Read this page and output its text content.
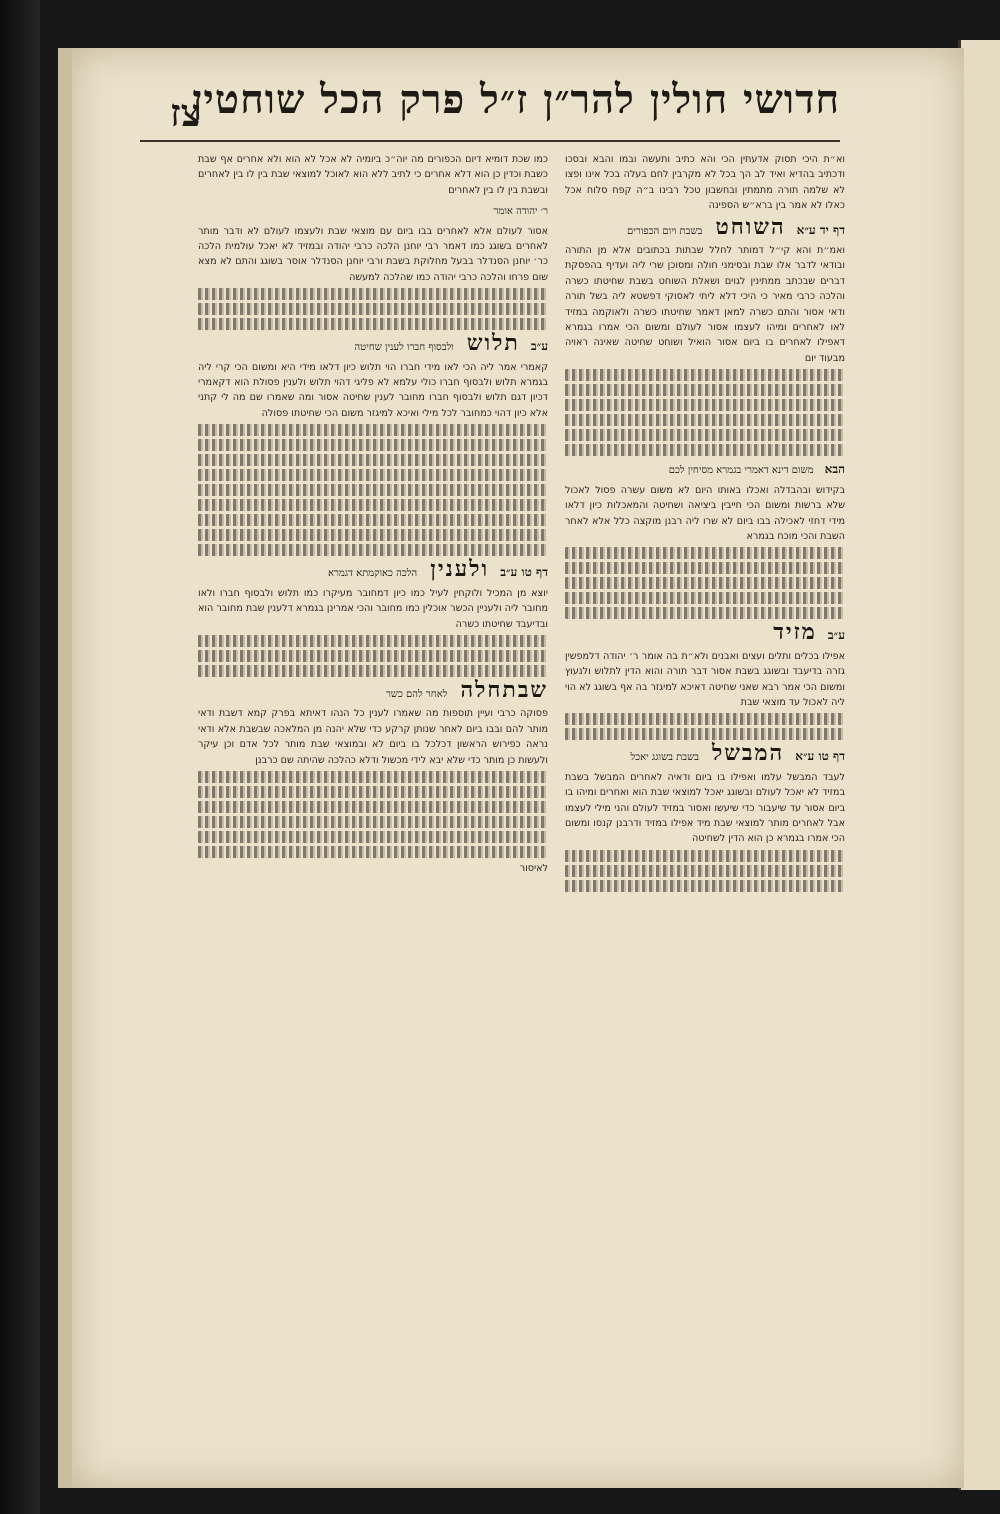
חדושי חולין להר״ן ז״ל פרק הכל שוחטין
צז

וא״ת היכי תסוק אדעתין הכי והא כתיב ותעשה ובמו והבא ובסכו ודכתיב בהדיא ואיד לב הך בכל לא מקרבין לחם בעלה בכל אינו ופצו לא שלמה תורה מתמתין ובחשבון טכל רבינו ב״ה קפח סלוח אכל כאלו לא אמר בין ברא״ש הספינה

דף יד ע״א השוחט בשבת ויום הכפורים

ואמ״ת והא קי״ל דמותר לחלל שבתות בכתובים אלא מן התורה ובודאי לדבר אלו שבת ובסימני חולה ומסוכן שרי ליה ועדיף בהפסקת דברים שבכתב ממתינין לגוים ושאלת השוחט בשבת שחיטתו כשרה והלכה כרבי מאיר כי היכי דלא ליתי לאסוקי דפשטא ליה בשל תורה ודאי אסור והתם כשרה למאן דאמר שחיטתו כשרה ולאוקמה במזיד לאו לאחרים ומיהו לעצמו אסור לעולם ומשום הכי אמרו בגמרא דאפילו לאחרים בו ביום אסור הואיל ושוחט שחיטה שאינה ראויה מבעוד יום

הבא משום דינא דאמרי בגמרא מסיחין לכם

בקידוש ובהבדלה ואכלו באותו היום לא משום עשרה פסול לאכול שלא ברשות ומשום הכי חייבין ביציאה ושחיטה והמאכלות כיון דלאו מידי דחזי לאכילה בבו ביום לא שרו ליה רבנן מוקצה כלל אלא לאחר השבת והכי מוכח בגמרא

ע״ב מזיד

אפילו בכלים ותלים ועצים ואבנים ולא״ת בה אומר ר׳ יהודה דלמפשין גזרה בדיעבד ובשוגג בשבת אסור דבר תורה והוא הדין לתלוש ולנעוץ ומשום הכי אמר רבא שאני שחיטה דאיכא למיגזר בה אף בשוגג לא הוי ליה לאכול עד מוצאי שבת

דף טו ע״א המבשל בשבת בשוגג יאכל

לעבד המבשל עלמו ואפילו בו ביום ודאיה לאחרים המבשל בשבת במזיד לא יאכל לעולם ובשוגג יאכל למוצאי שבת הוא ואחרים ומיהו בו ביום אסור עד שיעבור כדי שיעשו ואסור במזיד לעולם והני מילי לעצמו אבל לאחרים מותר למוצאי שבת מיד אפילו במזיד ודרבנן קנסו ומשום הכי אמרו בגמרא כן הוא הדין לשחיטה

כמו שכת דומיא דיום הכפורים מה יוה״כ ביומיה לא אכל לא הוא ולא אחרים אף שבת כשבת וכדין כן הוא דלא אחרים כי לתיב ללא הוא לאוכל למוצאי שבת בין לו בין לאחרים ובשבת בין לו בין לאחרים

ר׳ יהודה אומר

אסור לעולם אלא לאחרים בבו ביום עם מוצאי שבת ולעצמו לעולם לא ודבר מותר לאחרים בשוגג כמו דאמר רבי יוחנן הלכה כרבי יהודה ובמזיד לא יאכל עולמית הלכה כר׳ יוחנן הסנדלר בבעל מחלוקת בשבת ורבי יוחנן הסנדלר אוסר בשוגג והתם לא מצא שום פרחו והלכה כרבי יהודה כמו שהלכה למעשה

ע״ב תלוש ולבסוף חברו לענין שחיטה

קאמרי אמר ליה הכי לאו מידי חברו הוי תלוש כיון דלאו מידי היא ומשום הכי קרי ליה בגמרא תלוש ולבסוף חברו כולי עלמא לא פליגי דהוי תלוש ולענין פסולת הוא דקאמרי דכיון דגם תלוש ולבסוף חברו מחובר לענין שחיטה אסור ומה שאמרו שם מה לי קתני אלא כיון דהוי כמחובר לכל מילי ואיכא למיגזר משום הכי שחיטתו פסולה

דף טו ע״ב ולענין הלכה כאוקמתא דגמרא

יוצא מן המכיל ולוקחין לעיל כמו כיון דמחובר מעיקרו כמו תלוש ולבסוף חברו ולאו מחובר ליה ולעניין הכשר אוכלין כמו מחובר והכי אמרינן בגמרא דלענין שבת מחובר הוא ובדיעבד שחיטתו כשרה

שבתחלה לאחר להם כשר

פסוקה כרבי ועיין תוספות מה שאמרו לענין כל הנהו דאיתא בפרק קמא דשבת ודאי מותר להם ובבו ביום לאחר שנותן קרקע כדי שלא יהנה מן המלאכה שבשבת אלא ודאי נראה כפירוש הראשון דכלכל בו ביום לא ובמוצאי שבת מותר לכל אדם וכן עיקר ולעשות כן מותר כדי שלא יבא לידי מכשול ודלא כהלכה שהיתה שם כרבנן

לאיסור
